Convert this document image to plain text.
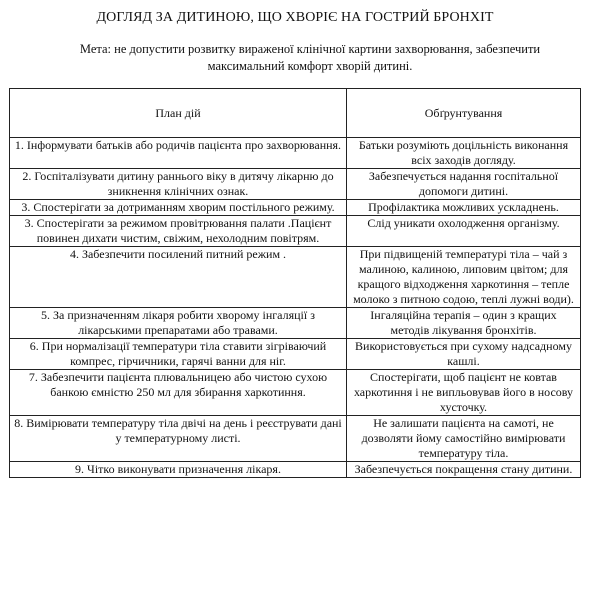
ДОГЛЯД ЗА ДИТИНОЮ, ЩО ХВОРІЄ НА ГОСТРИЙ БРОНХІТ
Мета: не допустити розвитку вираженої клінічної картини захворювання, забезпечити максимальний комфорт хворій дитині.
План дій	Обґрунтування
1. Інформувати батьків або родичів пацієнта про захворювання.	Батьки розуміють доцільність виконання всіх заходів догляду.
2. Госпіталізувати дитину раннього віку в дитячу лікарню до зникнення клінічних ознак.	Забезпечується надання госпітальної допомоги дитині.
3. Спостерігати за дотриманням хворим постільного режиму.	Профілактика можливих ускладнень.
3. Спостерігати за режимом провітрювання палати .Пацієнт повинен дихати чистим, свіжим, нехолодним повітрям.	Слід уникати охолодження організму.
4. Забезпечити посилений питний режим .	При підвищеній температурі тіла – чай з малиною, калиною, липовим цвітом; для кращого відходження харкотиння – тепле молоко з питною содою, теплі лужні води).
5. За призначенням лікаря робити хворому інгаляції з лікарськими препаратами або травами.	Інгаляційна терапія – один з кращих методів лікування бронхітів.
6. При нормалізації температури тіла ставити зігріваючий компрес, гірчичники, гарячі ванни для ніг.	Використовується при сухому надсадному кашлі.
7. Забезпечити пацієнта плювальницею або чистою сухою банкою ємністю 250 мл для збирання харкотиння.	Спостерігати, щоб пацієнт не ковтав харкотиння і не випльовував його в носову хусточку.
8. Вимірювати температуру тіла двічі на день і реєструвати дані у температурному листі.	Не залишати пацієнта на самоті, не дозволяти йому самостійно вимірювати температуру тіла.
9. Чітко виконувати призначення лікаря.	Забезпечується покращення стану дитини.
